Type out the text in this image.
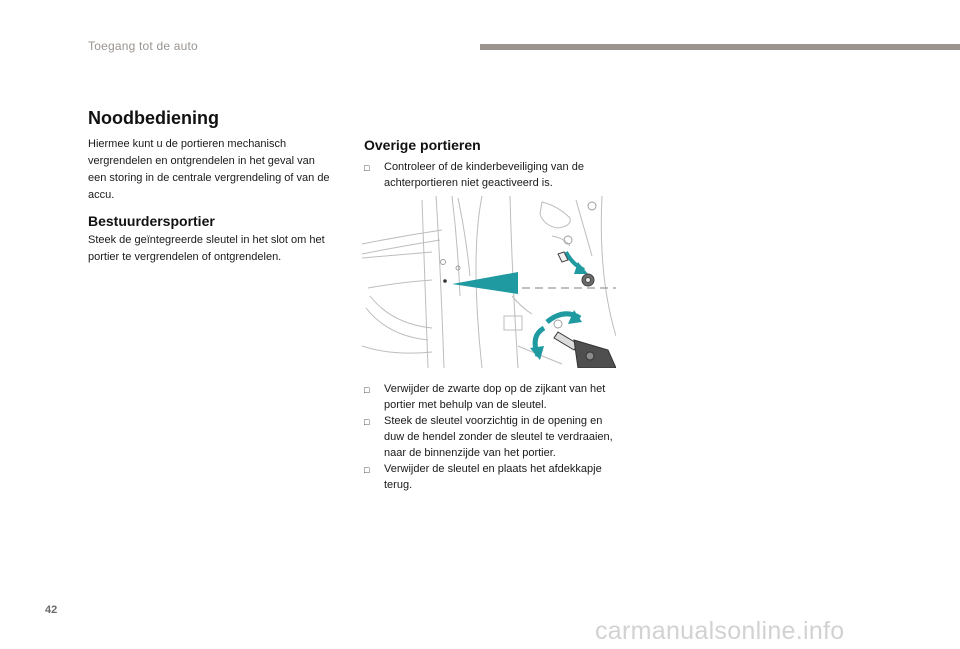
Toegang tot de auto
Noodbediening
Hiermee kunt u de portieren mechanisch vergrendelen en ontgrendelen in het geval van een storing in de centrale vergrendeling of van de accu.
Bestuurdersportier
Steek de geïntegreerde sleutel in het slot om het portier te vergrendelen of ontgrendelen.
Overige portieren
□	Controleer of de kinderbeveiliging van de achterportieren niet geactiveerd is.
□	Verwijder de zwarte dop op de zijkant van het portier met behulp van de sleutel.
□	Steek de sleutel voorzichtig in de opening en duw de hendel zonder de sleutel te verdraaien, naar de binnenzijde van het portier.
□	Verwijder de sleutel en plaats het afdekkapje terug.
42
carmanualsonline.info
